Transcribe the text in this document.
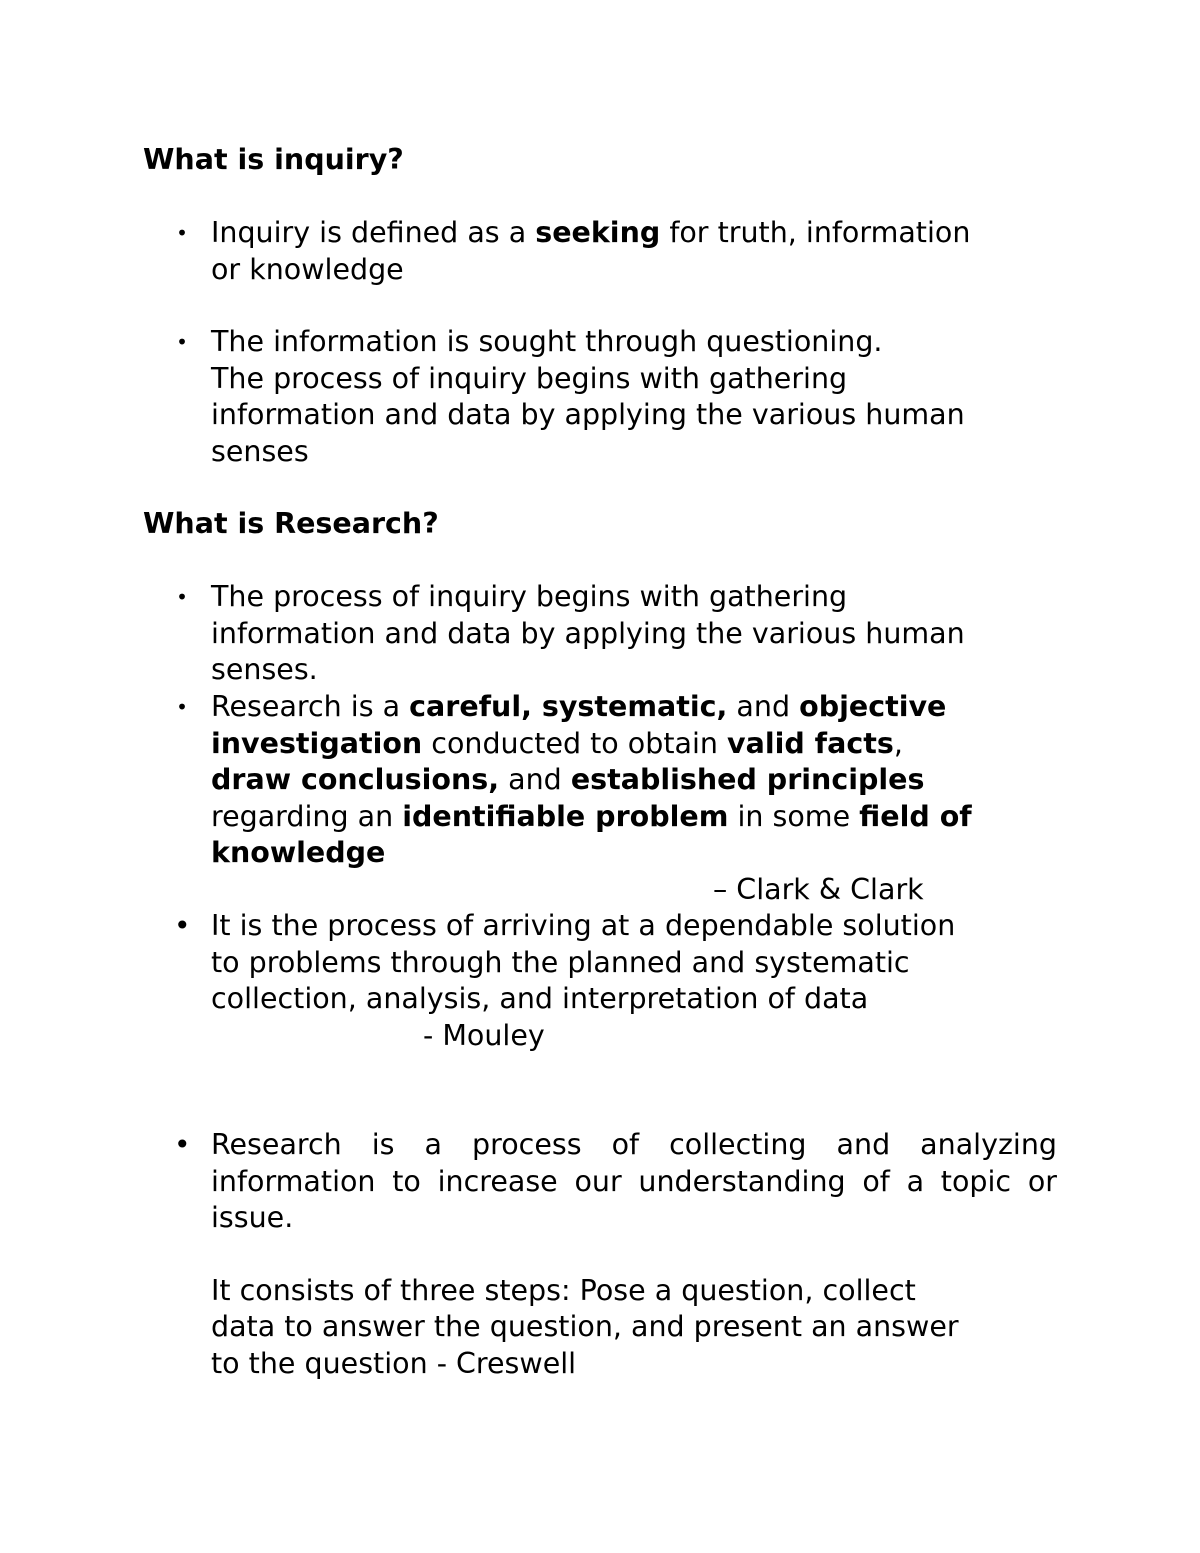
What is inquiry?
• Inquiry is defined as a seeking for truth, information
or knowledge
• The information is sought through questioning.
The process of inquiry begins with gathering
information and data by applying the various human
senses
What is Research?
• The process of inquiry begins with gathering
information and data by applying the various human
senses.
• Research is a careful, systematic, and objective
investigation conducted to obtain valid facts,
draw conclusions, and established principles
regarding an identifiable problem in some field of
knowledge
– Clark & Clark
• It is the process of arriving at a dependable solution
to problems through the planned and systematic
collection, analysis, and interpretation of data
- Mouley
• Research is a process of collecting and analyzing information to increase our understanding of a topic or issue.
It consists of three steps: Pose a question, collect
data to answer the question, and present an answer
to the question - Creswell
